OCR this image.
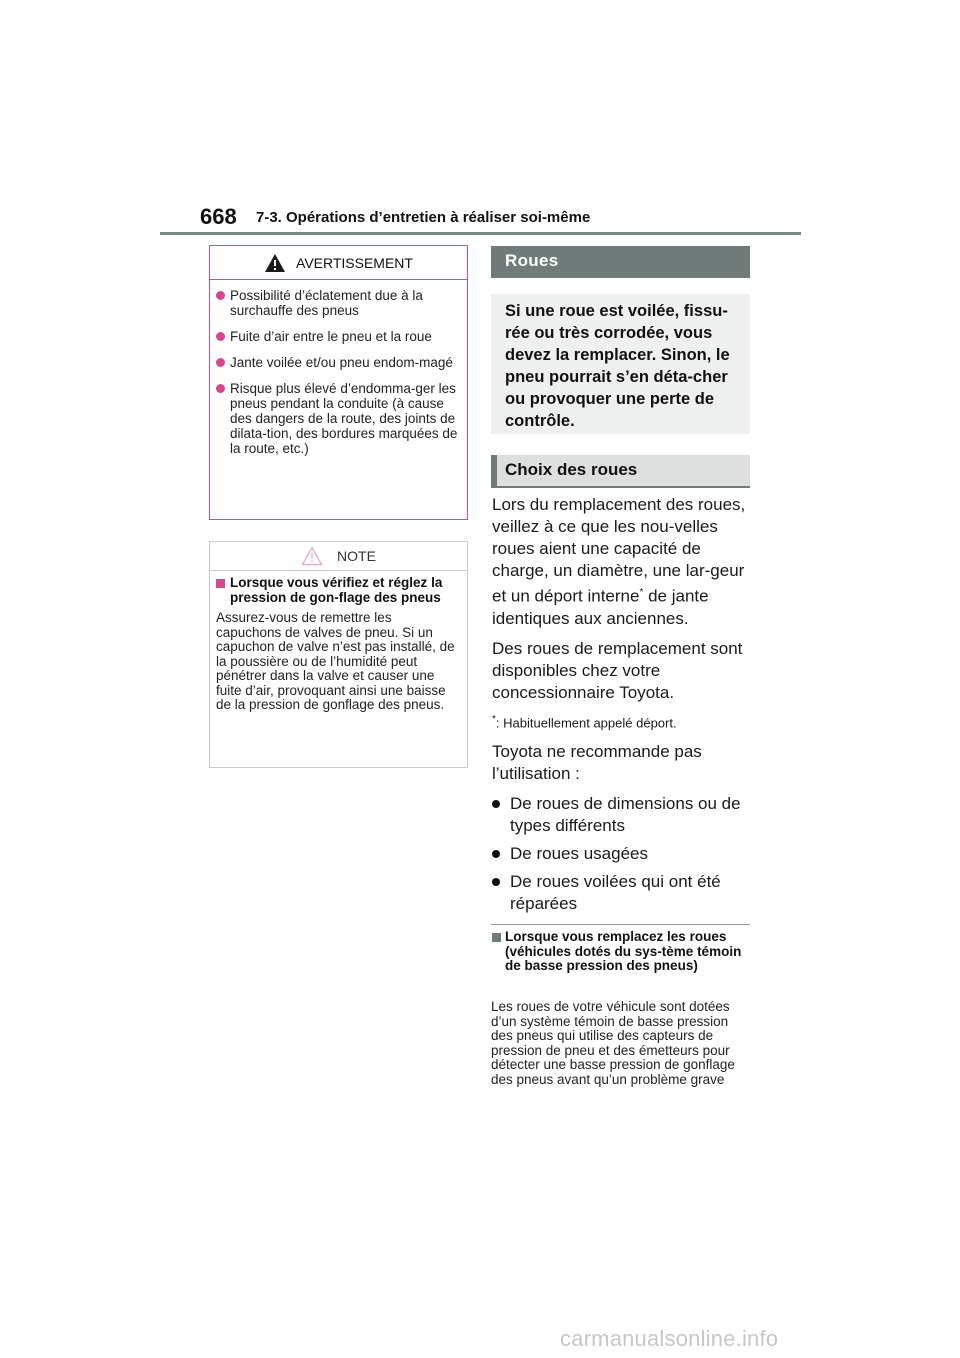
668 7-3. Opérations d’entretien à réaliser soi-même
AVERTISSEMENT
Possibilité d’éclatement due à la surchauffe des pneus
Fuite d’air entre le pneu et la roue
Jante voilée et/ou pneu endom-magé
Risque plus élevé d’endomma-ger les pneus pendant la conduite (à cause des dangers de la route, des joints de dilata-tion, des bordures marquées de la route, etc.)
NOTE
Lorsque vous vérifiez et réglez la pression de gon-flage des pneus
Assurez-vous de remettre les capuchons de valves de pneu. Si un capuchon de valve n’est pas installé, de la poussière ou de l’humidité peut pénétrer dans la valve et causer une fuite d’air, provoquant ainsi une baisse de la pression de gonflage des pneus.
Roues
Si une roue est voilée, fissu-rée ou très corrodée, vous devez la remplacer. Sinon, le pneu pourrait s’en déta-cher ou provoquer une perte de contrôle.
Choix des roues

Lors du remplacement des roues, veillez à ce que les nou-velles roues aient une capacité de charge, un diamètre, une lar-geur et un déport interne* de jante identiques aux anciennes.

Des roues de remplacement sont disponibles chez votre concessionnaire Toyota.

*: Habituellement appelé déport.

Toyota ne recommande pas l’utilisation :

De roues de dimensions ou de types différents
De roues usagées
De roues voilées qui ont été réparées
Lorsque vous remplacez les roues (véhicules dotés du sys-tème témoin de basse pression des pneus)
Les roues de votre véhicule sont dotées d’un système témoin de basse pression des pneus qui utilise des capteurs de pression de pneu et des émetteurs pour détecter une basse pression de gonflage des pneus avant qu’un problème grave
carmanualsonline.info
